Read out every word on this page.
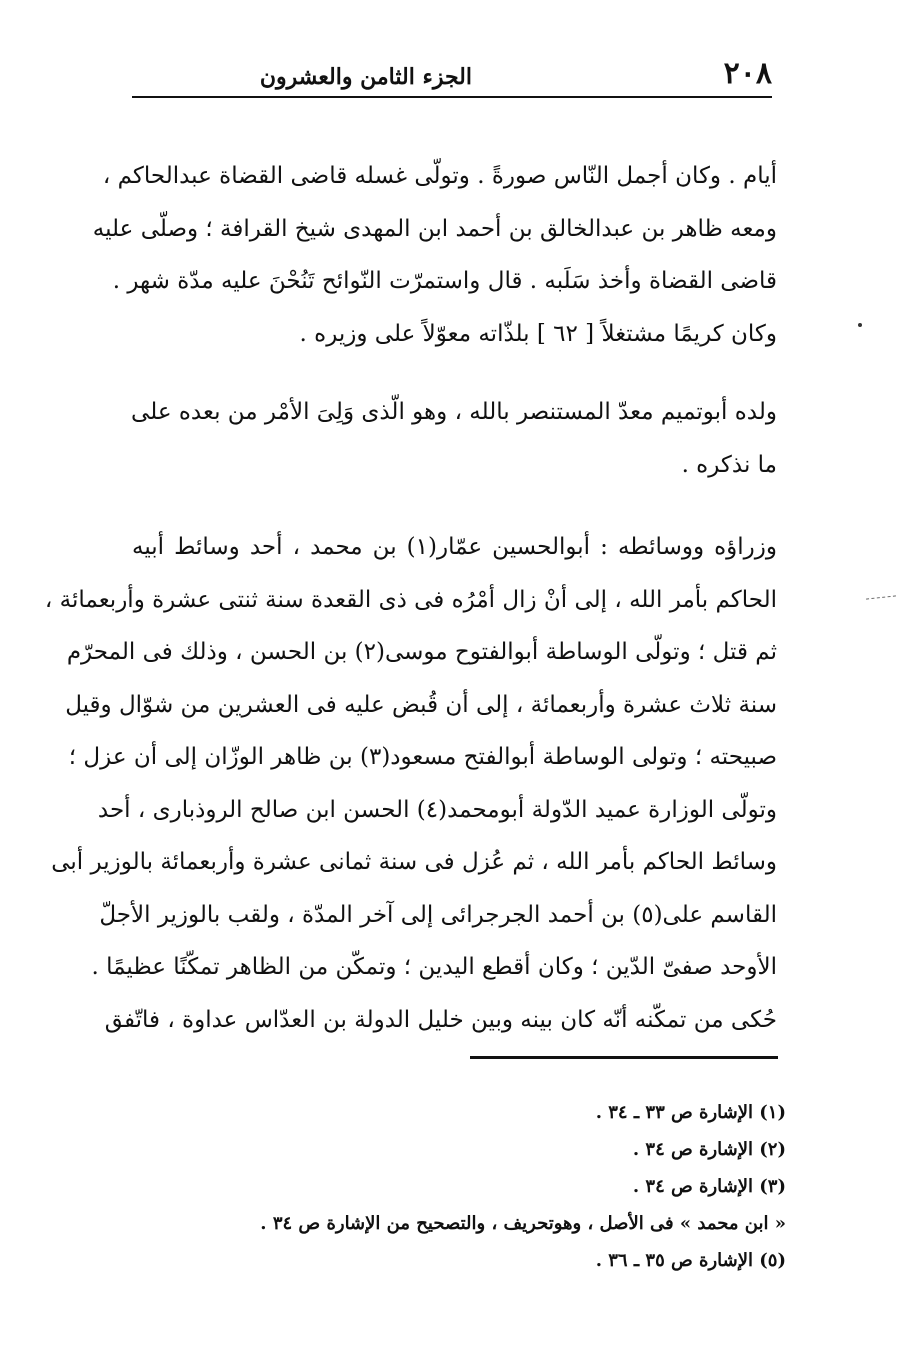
٢٠٨
الجزء الثامن والعشرون

أيام . وكان أجمل النّاس صورةً . وتولّى غسله قاضى القضاة عبدالحاكم ،
ومعه ظاهر بن عبدالخالق بن أحمد ابن المهدى شيخ القرافة ؛ وصلّى عليه
قاضى القضاة وأخذ سَلَبه . قال واستمرّت النّوائح تَنُحْنَ عليه مدّة شهر .
وكان كريمًا مشتغلاً [ ٦٢ ] بلذّاته معوّلاً على وزيره .

ولده أبوتميم معدّ المستنصر بالله ، وهو الّذى وَلِىَ الأمْر من بعده على
ما نذكره .

وزراؤه ووسائطه : أبوالحسين عمّار(١) بن محمد ، أحد وسائط أبيه
الحاكم بأمر الله ، إلى أنْ زال أمْرُه فى ذى القعدة سنة ثنتى عشرة وأربعمائة ،
ثم قتل ؛ وتولّى الوساطة أبوالفتوح موسى(٢) بن الحسن ، وذلك فى المحرّم
سنة ثلاث عشرة وأربعمائة ، إلى أن قُبض عليه فى العشرين من شوّال وقيل
صبيحته ؛ وتولى الوساطة أبوالفتح مسعود(٣) بن ظاهر الوزّان إلى أن عزل ؛
وتولّى الوزارة عميد الدّولة أبومحمد(٤) الحسن ابن صالح الروذبارى ، أحد
وسائط الحاكم بأمر الله ، ثم عُزل فى سنة ثمانى عشرة وأربعمائة بالوزير أبى
القاسم على(٥) بن أحمد الجرجرائى إلى آخر المدّة ، ولقب بالوزير الأجلّ
الأوحد صفىّ الدّين ؛ وكان أقطع اليدين ؛ وتمكّن من الظاهر تمكّنًا عظيمًا .
حُكى من تمكّنه أنّه كان بينه وبين خليل الدولة بن العدّاس عداوة ، فاتّفق

(١) الإشارة ص ٣٣ ـ ٣٤ .
(٢) الإشارة ص ٣٤ .
(٣) الإشارة ص ٣٤ .
« ابن محمد » فى الأصل ، وهوتحريف ، والتصحيح من الإشارة ص ٣٤ .
(٥) الإشارة ص ٣٥ ـ ٣٦ .
